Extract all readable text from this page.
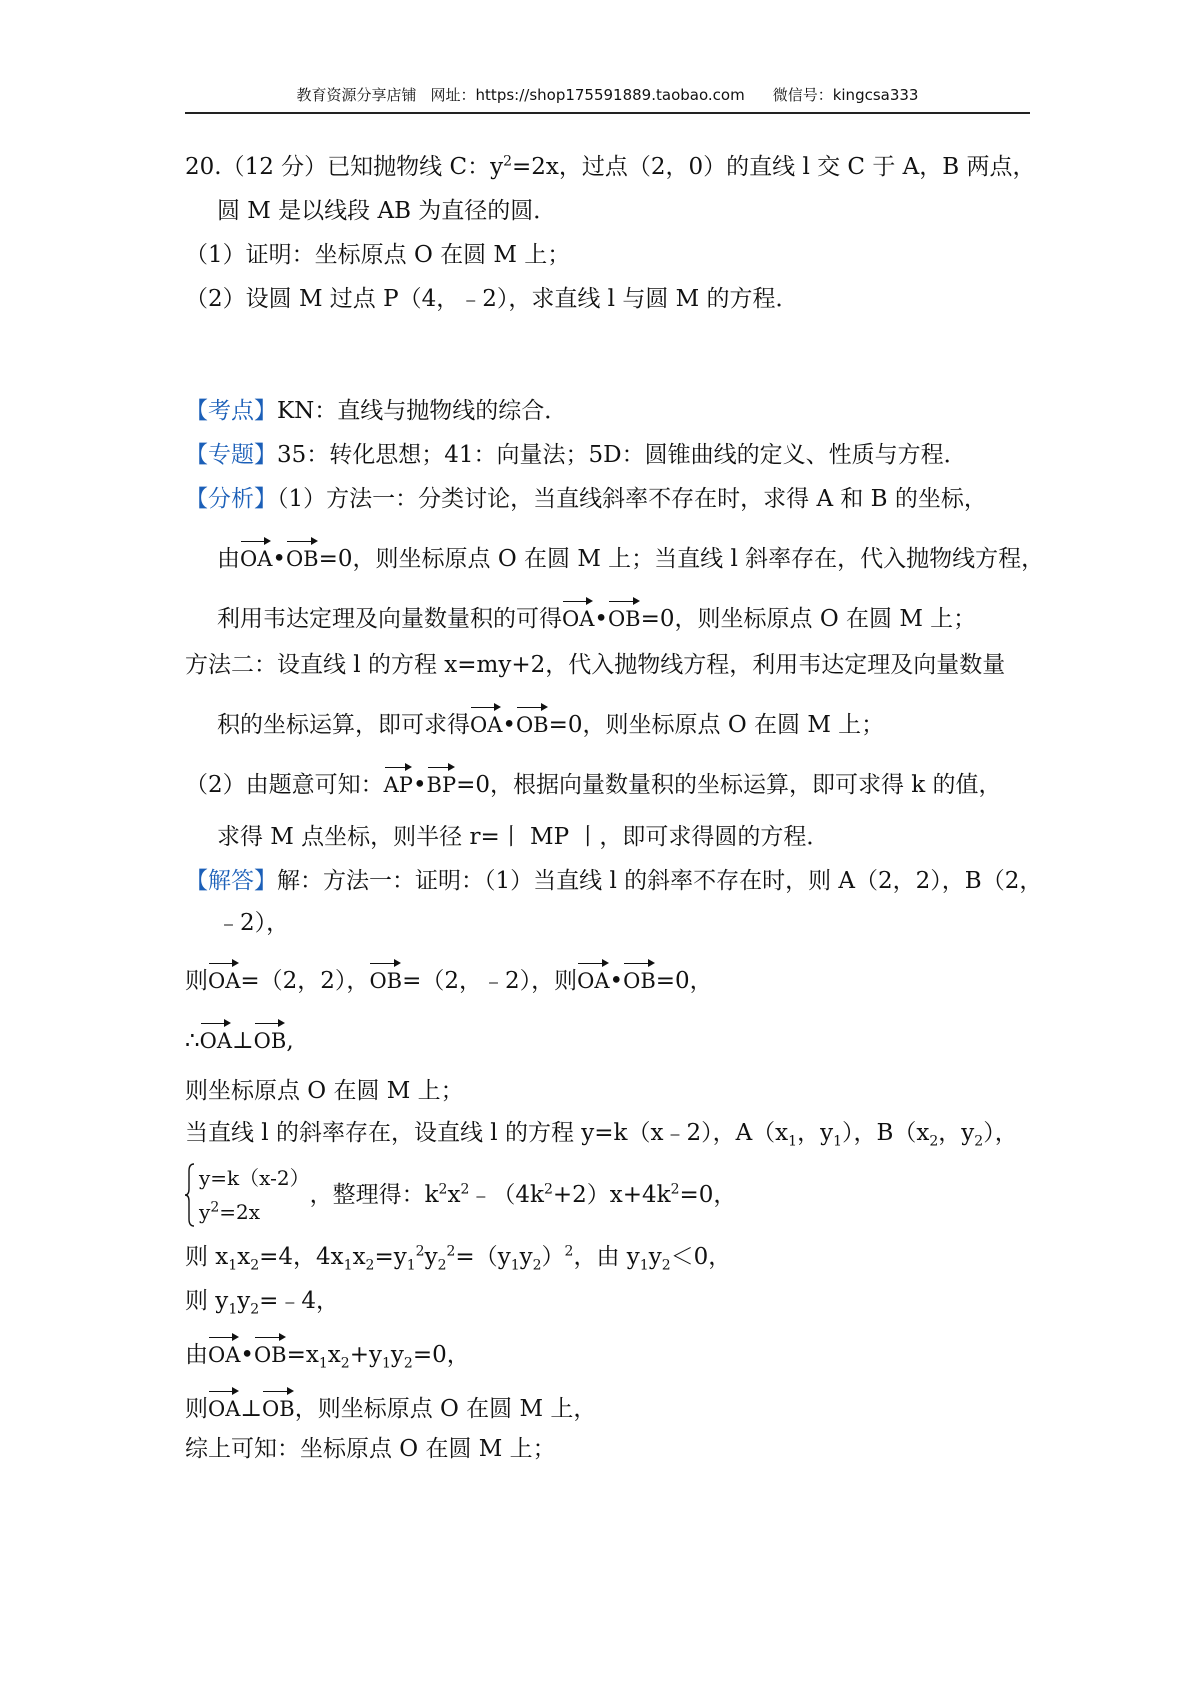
教育资源分享店铺 网址：https://shop175591889.taobao.com 微信号：kingcsa333
20.（12 分）已知抛物线 C：$y^2=2x$，过点（2，0）的直线 l 交 C 于 A，B 两点，
圆 M 是以线段 AB 为直径的圆．
（1）证明：坐标原点 O 在圆 M 上；
（2）设圆 M 过点 P（4，﹣2），求直线 l 与圆 M 的方程．
【考点】KN：直线与抛物线的综合．
【专题】35：转化思想；41：向量法；5D：圆锥曲线的定义、性质与方程．
【分析】（1）方法一：分类讨论，当直线斜率不存在时，求得 A 和 B 的坐标，
由OA•OB=0，则坐标原点 O 在圆 M 上；当直线 l 斜率存在，代入抛物线方程，
利用韦达定理及向量数量积的可得OA•OB=0，则坐标原点 O 在圆 M 上；
方法二：设直线 l 的方程 x=my+2，代入抛物线方程，利用韦达定理及向量数量
积的坐标运算，即可求得OA•OB=0，则坐标原点 O 在圆 M 上；
（2）由题意可知：AP•BP=0，根据向量数量积的坐标运算，即可求得 k 的值，
求得 M 点坐标，则半径 r=丨 MP 丨，即可求得圆的方程．
【解答】解：方法一：证明：（1）当直线 l 的斜率不存在时，则 A（2，2），B（2，
﹣2），
则OA=（2，2），OB=（2，﹣2），则OA•OB=0，
∴OA⊥OB,
则坐标原点 O 在圆 M 上；
当直线 l 的斜率存在，设直线 l 的方程 y=k（x﹣2），$A(x_1$，$y_1$），$B(x_2$，$y_2$），
y=k（x-2）
$y^2=2x$
，整理得：$k^2x^2﹣(4k^2+2)x+4k^2=0$，
则 $x_1x_2=4$，$4x_1x_2=y_1^2y_2^2=(y_1y_2)^2$，由 $y_1y_2<0$，
则 $y_1y_2=﹣4$，
由$OA•OB=x_1x_2+y_1y_2=0$，
则OA⊥OB，则坐标原点 O 在圆 M 上，
综上可知：坐标原点 O 在圆 M 上；
